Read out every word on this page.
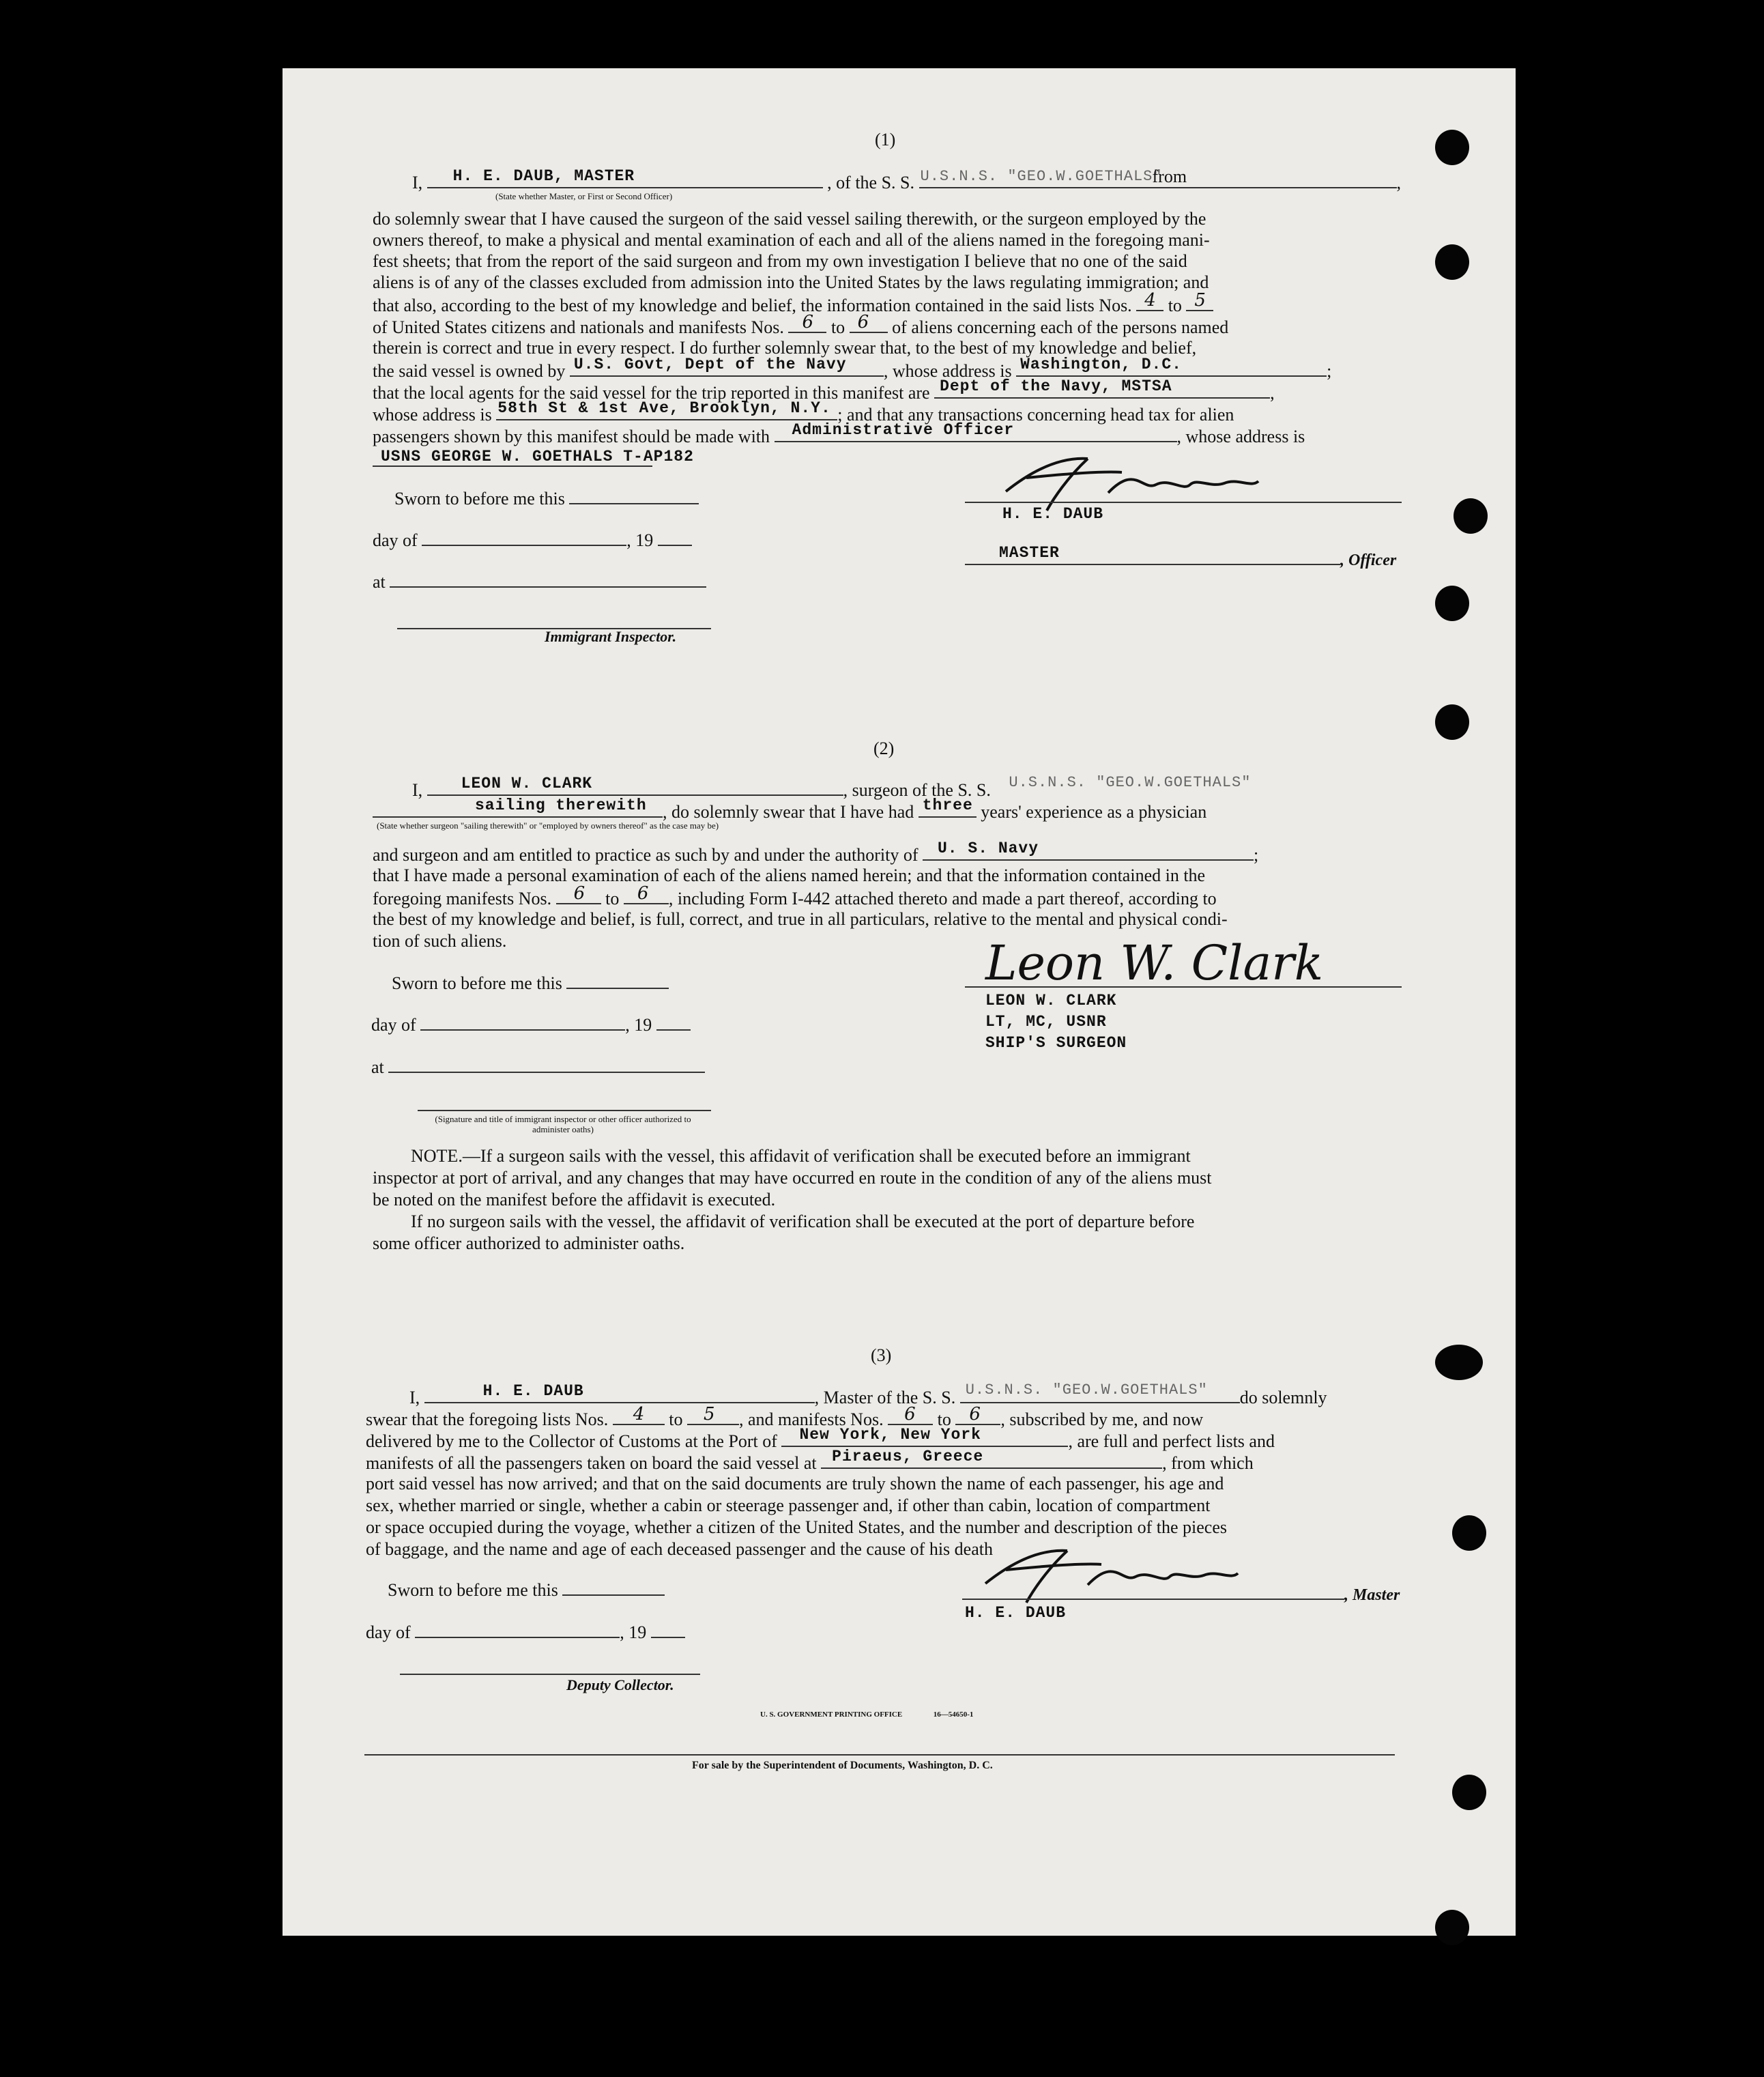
(1)
I, H. E. DAUB, MASTER	, of the S. S. U.S.N.S. "GEO.W.GOETHALS"
from	,
(State whether Master, or First or Second Officer)
do solemnly swear that I have caused the surgeon of the said vessel sailing therewith, or the surgeon employed by the
owners thereof, to make a physical and mental examination of each and all of the aliens named in the foregoing mani-
fest sheets; that from the report of the said surgeon and from my own investigation I believe that no one of the said
aliens is of any of the classes excluded from admission into the United States by the laws regulating immigration; and
that also, according to the best of my knowledge and belief, the information contained in the said lists Nos. 4 to 5
of United States citizens and nationals and manifests Nos. 6 to 6 of aliens concerning each of the persons named
therein is correct and true in every respect. I do further solemnly swear that, to the best of my knowledge and belief,
the said vessel is owned by U.S. Govt, Dept of the Navy , whose address is Washington, D.C.	;
that the local agents for the said vessel for the trip reported in this manifest are Dept of the Navy, MSTSA	,
whose address is 58th St & 1st Ave, Brooklyn, N.Y. ; and that any transactions concerning head tax for alien
passengers shown by this manifest should be made with Administrative Officer	, whose address is
USNS GEORGE W. GOETHALS T-AP182
Sworn to before me this
day of	, 19
at
Immigrant Inspector.
H. E. DAUB
MASTER	, Officer
(2)
I, LEON W. CLARK	, surgeon of the S. S. U.S.N.S. "GEO.W.GOETHALS"
sailing therewith , do solemnly swear that I have had three years' experience as a physician
(State whether surgeon "sailing therewith" or "employed by owners thereof" as the case may be)
and surgeon and am entitled to practice as such by and under the authority of U. S. Navy	;
that I have made a personal examination of each of the aliens named herein; and that the information contained in the
foregoing manifests Nos. 6 to 6 , including Form I-442 attached thereto and made a part thereof, according to
the best of my knowledge and belief, is full, correct, and true in all particulars, relative to the mental and physical condi-
tion of such aliens.
Sworn to before me this
day of	, 19
at
(Signature and title of immigrant inspector or other officer authorized to administer oaths)
Leon W. Clark
LEON W. CLARK
LT, MC, USNR
SHIP'S SURGEON
NOTE.—If a surgeon sails with the vessel, this affidavit of verification shall be executed before an immigrant
inspector at port of arrival, and any changes that may have occurred en route in the condition of any of the aliens must
be noted on the manifest before the affidavit is executed.
If no surgeon sails with the vessel, the affidavit of verification shall be executed at the port of departure before
some officer authorized to administer oaths.
(3)
I,	H. E. DAUB	, Master of the S. S. U.S.N.S. "GEO.W.GOETHALS" do solemnly
swear that the foregoing lists Nos. 4 to 5 , and manifests Nos. 6 to 6 , subscribed by me, and now
delivered by me to the Collector of Customs at the Port of New York, New York	, are full and perfect lists and
manifests of all the passengers taken on board the said vessel at Piraeus, Greece	, from which
port said vessel has now arrived; and that on the said documents are truly shown the name of each passenger, his age and
sex, whether married or single, whether a cabin or steerage passenger and, if other than cabin, location of compartment
or space occupied during the voyage, whether a citizen of the United States, and the number and description of the pieces
of baggage, and the name and age of each deceased passenger and the cause of his death
Sworn to before me this
day of	, 19
Deputy Collector.
, Master
H. E. DAUB
U. S. GOVERNMENT PRINTING OFFICE	16—54650-1
For sale by the Superintendent of Documents, Washington, D. C.
